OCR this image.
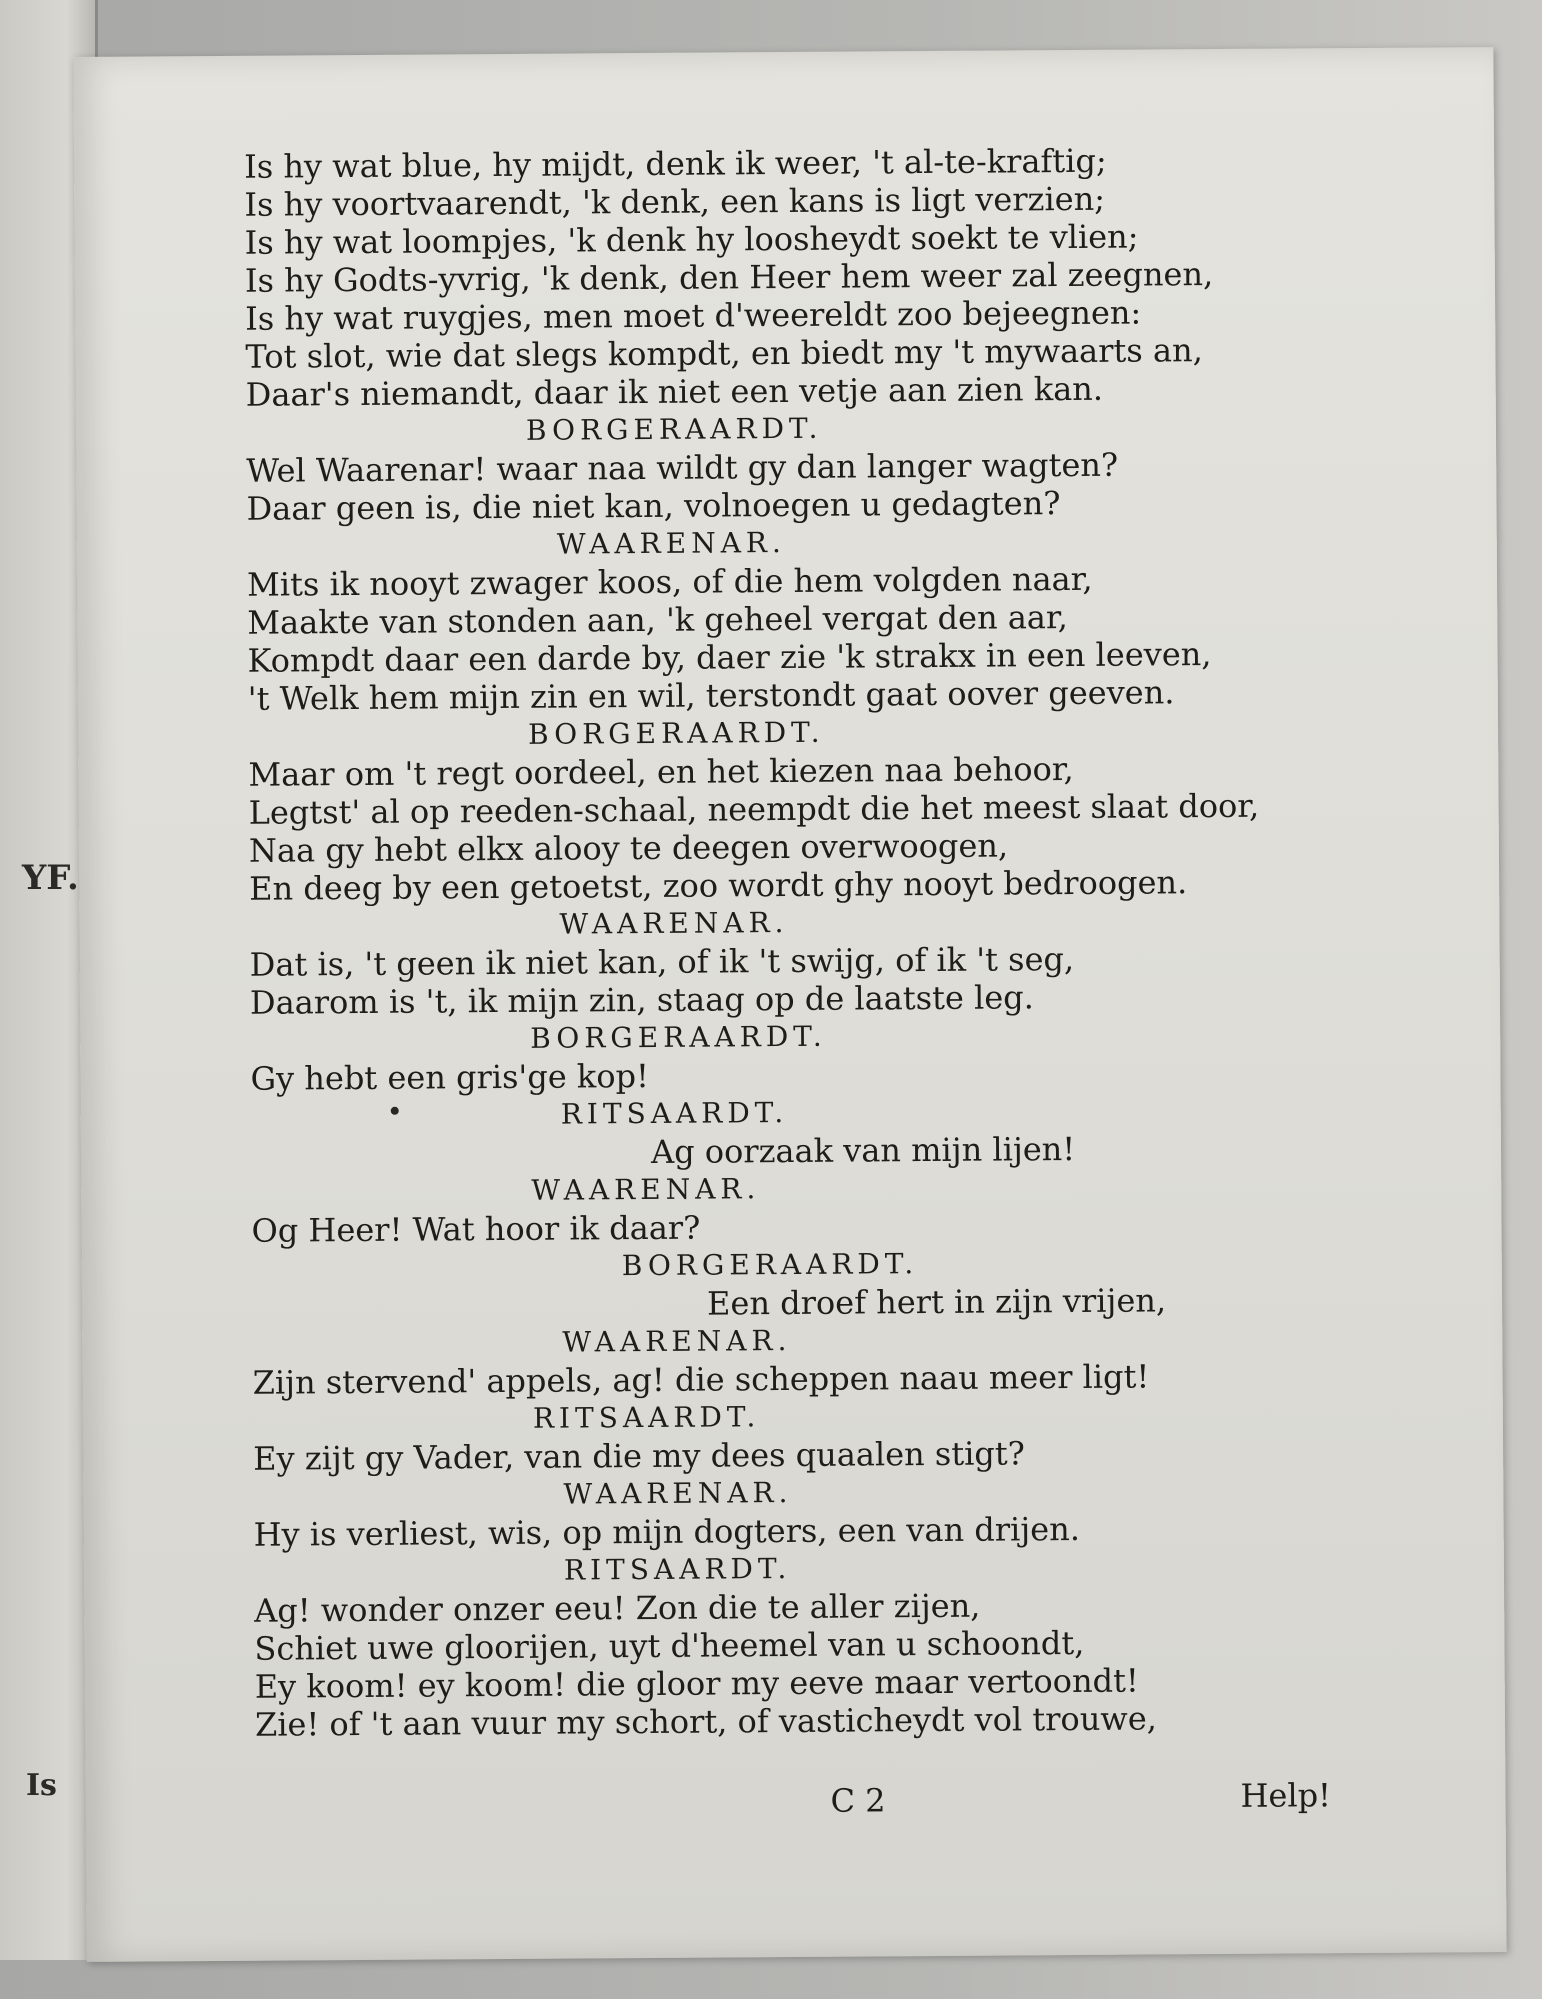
YF.
Is
Is hy wat blue, hy mijdt, denk ik weer, 't al-te-kraftig;
Is hy voortvaarendt, 'k denk, een kans is ligt verzien;
Is hy wat loompjes, 'k denk hy loosheydt soekt te vlien;
Is hy Godts-yvrig, 'k denk, den Heer hem weer zal zeegnen,
Is hy wat ruygjes, men moet d'weereldt zoo bejeegnen:
Tot slot, wie dat slegs kompdt, en biedt my 't mywaarts an,
Daar's niemandt, daar ik niet een vetje aan zien kan.
BORGERAARDT.
Wel Waarenar! waar naa wildt gy dan langer wagten?
Daar geen is, die niet kan, volnoegen u gedagten?
WAARENAR.
Mits ik nooyt zwager koos, of die hem volgden naar,
Maakte van stonden aan, 'k geheel vergat den aar,
Kompdt daar een darde by, daer zie 'k strakx in een leeven,
't Welk hem mijn zin en wil, terstondt gaat oover geeven.
BORGERAARDT.
Maar om 't regt oordeel, en het kiezen naa behoor,
Legtst' al op reeden-schaal, neempdt die het meest slaat door,
Naa gy hebt elkx alooy te deegen overwoogen,
En deeg by een getoetst, zoo wordt ghy nooyt bedroogen.
WAARENAR.
Dat is, 't geen ik niet kan, of ik 't swijg, of ik 't seg,
Daarom is 't, ik mijn zin, staag op de laatste leg.
BORGERAARDT.
Gy hebt een gris'ge kop!
RITSAARDT.
Ag oorzaak van mijn lijen!
WAARENAR.
Og Heer! Wat hoor ik daar?
BORGERAARDT.
Een droef hert in zijn vrijen,
WAARENAR.
Zijn stervend' appels, ag! die scheppen naau meer ligt!
RITSAARDT.
Ey zijt gy Vader, van die my dees quaalen stigt?
WAARENAR.
Hy is verliest, wis, op mijn dogters, een van drijen.
RITSAARDT.
Ag! wonder onzer eeu! Zon die te aller zijen,
Schiet uwe gloorijen, uyt d'heemel van u schoondt,
Ey koom! ey koom! die gloor my eeve maar vertoondt!
Zie! of 't aan vuur my schort, of vasticheydt vol trouwe,
C 2	Help!
